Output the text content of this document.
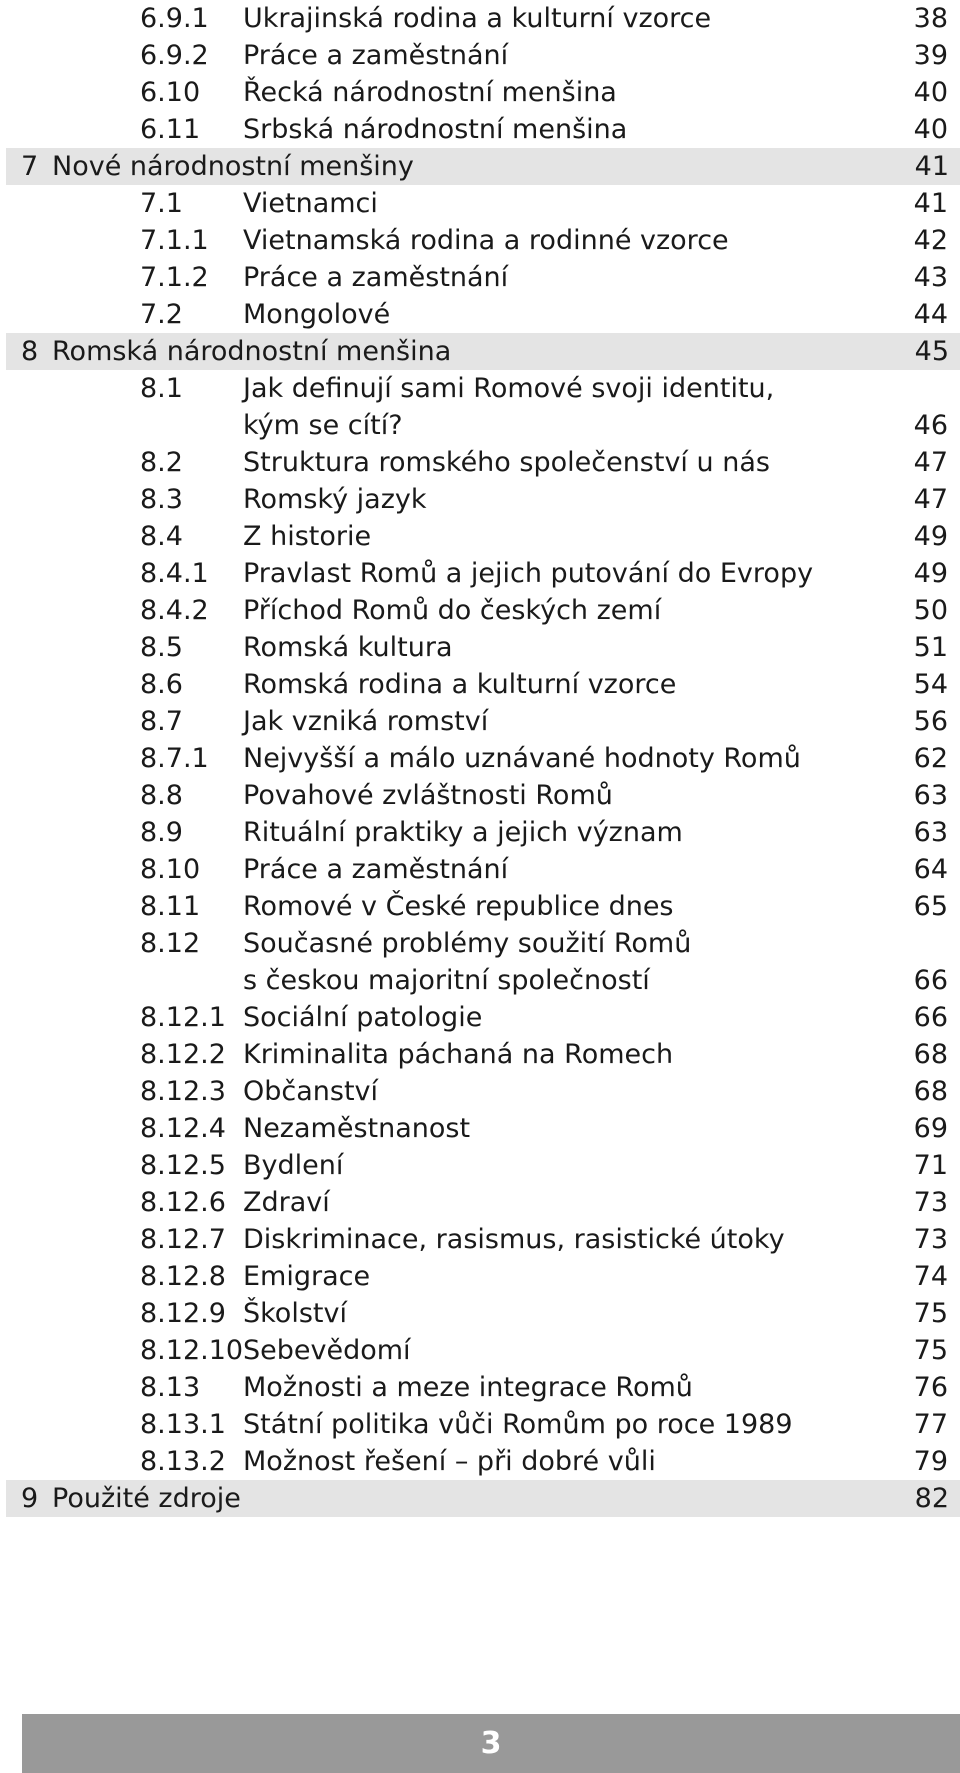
6.9.1 Ukrajinská rodina a kulturní vzorce	38
6.9.2 Práce a zaměstnání	39
6.10 Řecká národnostní menšina	40
6.11 Srbská národnostní menšina	40
7 Nové národnostní menšiny	41
7.1 Vietnamci	41
7.1.1 Vietnamská rodina a rodinné vzorce	42
7.1.2 Práce a zaměstnání	43
7.2 Mongolové	44
8 Romská národnostní menšina	45
8.1 Jak definují sami Romové svoji identitu,
kým se cítí?	46
8.2 Struktura romského společenství u nás	47
8.3 Romský jazyk	47
8.4 Z historie	49
8.4.1 Pravlast Romů a jejich putování do Evropy	49
8.4.2 Příchod Romů do českých zemí	50
8.5 Romská kultura	51
8.6 Romská rodina a kulturní vzorce	54
8.7 Jak vzniká romství	56
8.7.1 Nejvyšší a málo uznávané hodnoty Romů	62
8.8 Povahové zvláštnosti Romů	63
8.9 Rituální praktiky a jejich význam	63
8.10 Práce a zaměstnání	64
8.11 Romové v České republice dnes	65
8.12 Současné problémy soužití Romů
s českou majoritní společností	66
8.12.1 Sociální patologie	66
8.12.2 Kriminalita páchaná na Romech	68
8.12.3 Občanství	68
8.12.4 Nezaměstnanost	69
8.12.5 Bydlení	71
8.12.6 Zdraví	73
8.12.7 Diskriminace, rasismus, rasistické útoky	73
8.12.8 Emigrace	74
8.12.9 Školství	75
8.12.10 Sebevědomí	75
8.13 Možnosti a meze integrace Romů	76
8.13.1 Státní politika vůči Romům po roce 1989	77
8.13.2 Možnost řešení – při dobré vůli	79
9 Použité zdroje	82
3
